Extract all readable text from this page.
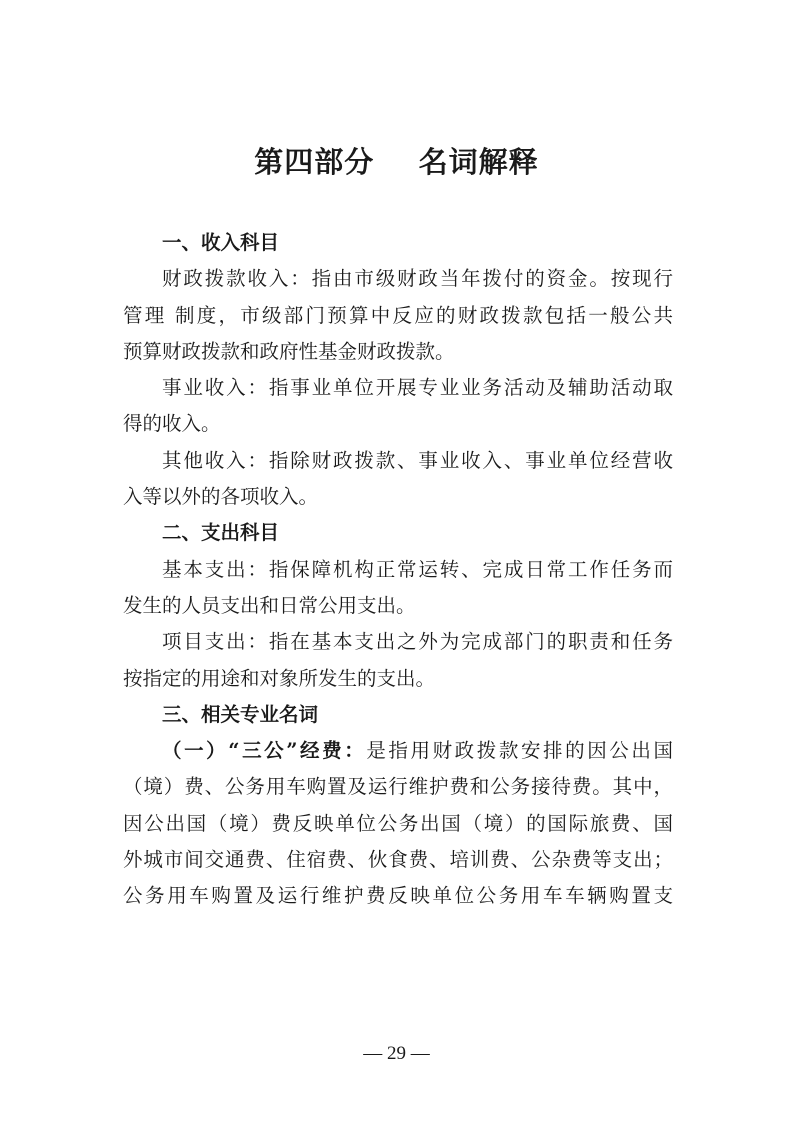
第四部分    名词解释
一、收入科目
财政拨款收入：指由市级财政当年拨付的资金。按现行
管理 制度，市级部门预算中反应的财政拨款包括一般公共
预算财政拨款和政府性基金财政拨款。
事业收入：指事业单位开展专业业务活动及辅助活动取
得的收入。
其他收入：指除财政拨款、事业收入、事业单位经营收
入等以外的各项收入。
二、支出科目
基本支出：指保障机构正常运转、完成日常工作任务而
发生的人员支出和日常公用支出。
项目支出：指在基本支出之外为完成部门的职责和任务
按指定的用途和对象所发生的支出。
三、相关专业名词
（一）“三公”经费：是指用财政拨款安排的因公出国
（境）费、公务用车购置及运行维护费和公务接待费。其中，
因公出国（境）费反映单位公务出国（境）的国际旅费、国
外城市间交通费、住宿费、伙食费、培训费、公杂费等支出；
公务用车购置及运行维护费反映单位公务用车车辆购置支
— 29 —
